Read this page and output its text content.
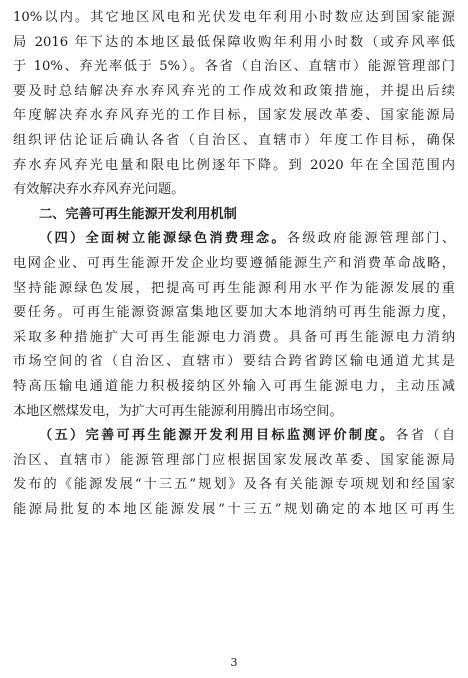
10%以内。其它地区风电和光伏发电年利用小时数应达到国家能源
局 2016 年下达的本地区最低保障收购年利用小时数（或弃风率低
于 10%、弃光率低于 5%）。各省（自治区、直辖市）能源管理部门
要及时总结解决弃水弃风弃光的工作成效和政策措施，并提出后续
年度解决弃水弃风弃光的工作目标，国家发展改革委、国家能源局
组织评估论证后确认各省（自治区、直辖市）年度工作目标，确保
弃水弃风弃光电量和限电比例逐年下降。到 2020 年在全国范围内
有效解决弃水弃风弃光问题。
二、完善可再生能源开发利用机制
（四）全面树立能源绿色消费理念。各级政府能源管理部门、
电网企业、可再生能源开发企业均要遵循能源生产和消费革命战略，
坚持能源绿色发展，把提高可再生能源利用水平作为能源发展的重
要任务。可再生能源资源富集地区要加大本地消纳可再生能源力度，
采取多种措施扩大可再生能源电力消费。具备可再生能源电力消纳
市场空间的省（自治区、直辖市）要结合跨省跨区输电通道尤其是
特高压输电通道能力积极接纳区外输入可再生能源电力，主动压减
本地区燃煤发电，为扩大可再生能源利用腾出市场空间。
（五）完善可再生能源开发利用目标监测评价制度。各省（自
治区、直辖市）能源管理部门应根据国家发展改革委、国家能源局
发布的《能源发展“十三五”规划》及各有关能源专项规划和经国家
能源局批复的本地区能源发展“十三五”规划确定的本地区可再生
3
